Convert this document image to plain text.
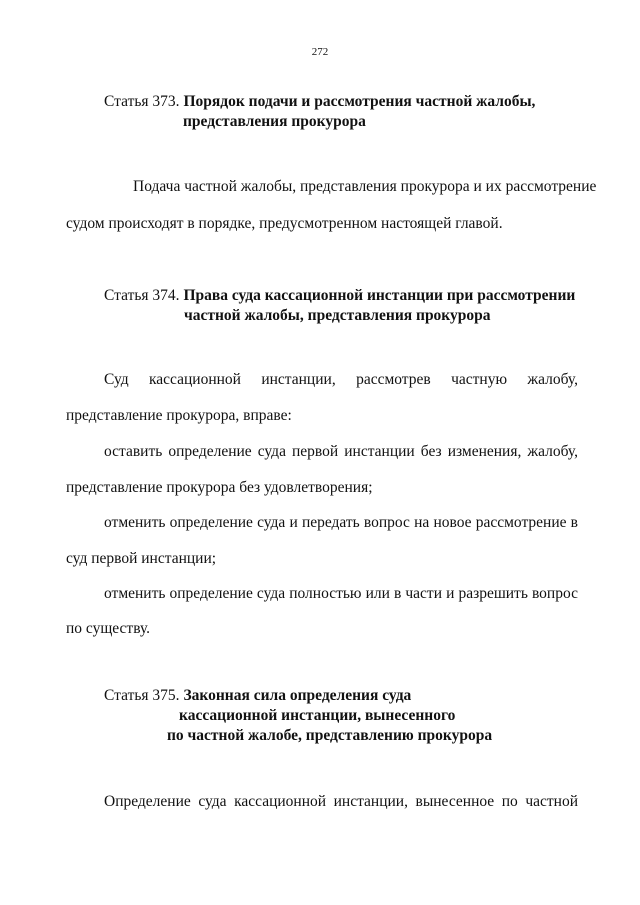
272
Статья 373. Порядок подачи и рассмотрения частной жалобы,
представления прокурора
Подача частной жалобы, представления прокурора и их рассмотрение
судом происходят в порядке, предусмотренном настоящей главой.
Статья 374. Права суда кассационной инстанции при рассмотрении
частной жалобы, представления прокурора
Суд кассационной инстанции, рассмотрев частную жалобу,
представление прокурора, вправе:
оставить определение суда первой инстанции без изменения, жалобу,
представление прокурора без удовлетворения;
отменить определение суда и передать вопрос на новое рассмотрение в
суд первой инстанции;
отменить определение суда полностью или в части и разрешить вопрос
по существу.
Статья 375. Законная сила определения суда
кассационной инстанции, вынесенного
по частной жалобе, представлению прокурора
Определение суда кассационной инстанции, вынесенное по частной
